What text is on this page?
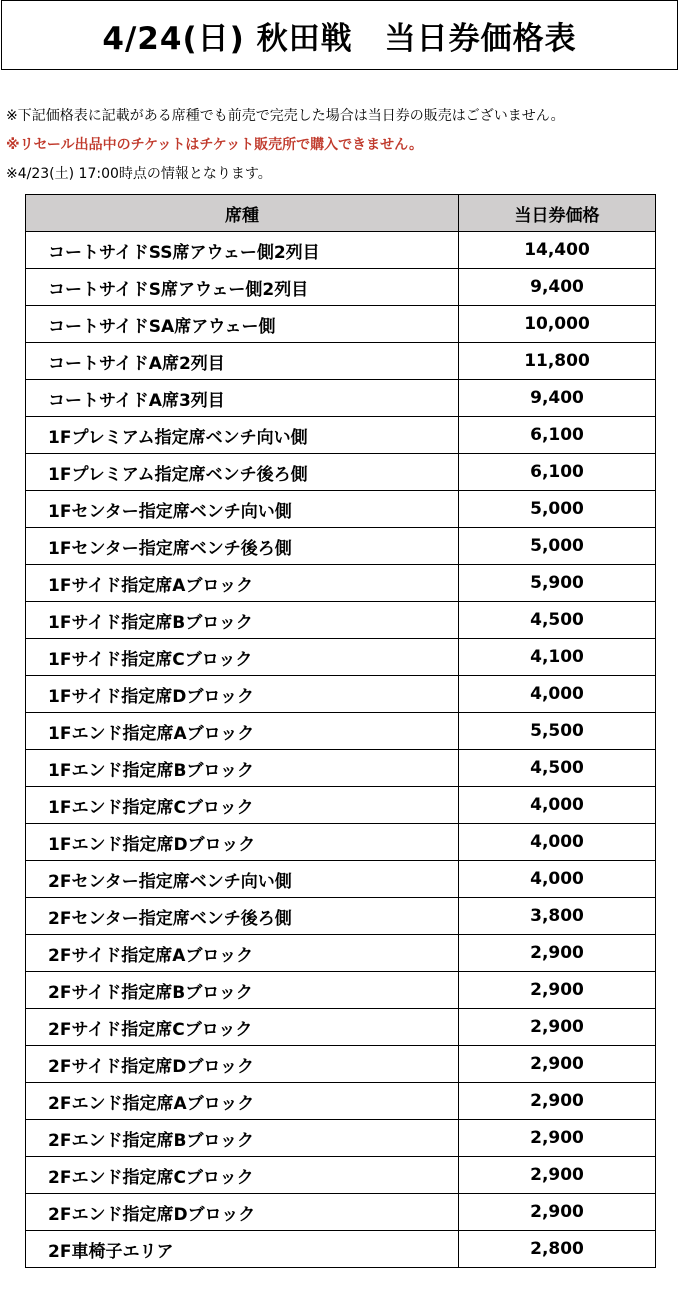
4/24(日) 秋田戦　当日券価格表
※下記価格表に記載がある席種でも前売で完売した場合は当日券の販売はございません。
※リセール出品中のチケットはチケット販売所で購入できません。
※4/23(土) 17:00時点の情報となります。
席種	当日券価格
コートサイドSS席アウェー側2列目	14,400
コートサイドS席アウェー側2列目	9,400
コートサイドSA席アウェー側	10,000
コートサイドA席2列目	11,800
コートサイドA席3列目	9,400
1Fプレミアム指定席ベンチ向い側	6,100
1Fプレミアム指定席ベンチ後ろ側	6,100
1Fセンター指定席ベンチ向い側	5,000
1Fセンター指定席ベンチ後ろ側	5,000
1Fサイド指定席Aブロック	5,900
1Fサイド指定席Bブロック	4,500
1Fサイド指定席Cブロック	4,100
1Fサイド指定席Dブロック	4,000
1Fエンド指定席Aブロック	5,500
1Fエンド指定席Bブロック	4,500
1Fエンド指定席Cブロック	4,000
1Fエンド指定席Dブロック	4,000
2Fセンター指定席ベンチ向い側	4,000
2Fセンター指定席ベンチ後ろ側	3,800
2Fサイド指定席Aブロック	2,900
2Fサイド指定席Bブロック	2,900
2Fサイド指定席Cブロック	2,900
2Fサイド指定席Dブロック	2,900
2Fエンド指定席Aブロック	2,900
2Fエンド指定席Bブロック	2,900
2Fエンド指定席Cブロック	2,900
2Fエンド指定席Dブロック	2,900
2F車椅子エリア	2,800
